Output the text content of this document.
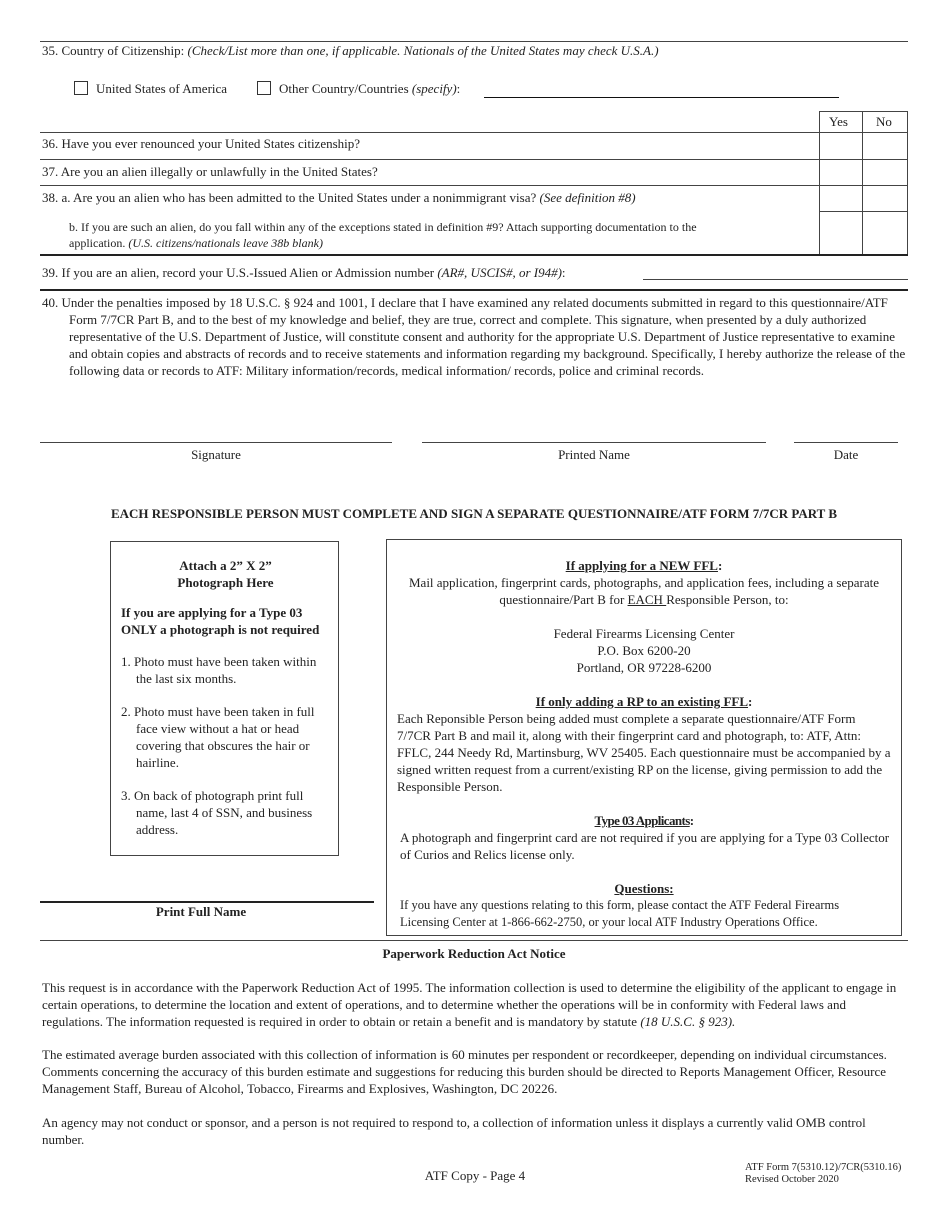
35. Country of Citizenship: (Check/List more than one, if applicable. Nationals of the United States may check U.S.A.)
United States of America	Other Country/Countries (specify):
Yes No
36. Have you ever renounced your United States citizenship?
37. Are you an alien illegally or unlawfully in the United States?
38. a. Are you an alien who has been admitted to the United States under a nonimmigrant visa? (See definition #8)
b. If you are such an alien, do you fall within any of the exceptions stated in definition #9? Attach supporting documentation to the application. (U.S. citizens/nationals leave 38b blank)
39. If you are an alien, record your U.S.-Issued Alien or Admission number (AR#, USCIS#, or I94#):
40. Under the penalties imposed by 18 U.S.C. § 924 and 1001, I declare that I have examined any related documents submitted in regard to this questionnaire/ATF Form 7/7CR Part B, and to the best of my knowledge and belief, they are true, correct and complete. This signature, when presented by a duly authorized representative of the U.S. Department of Justice, will constitute consent and authority for the appropriate U.S. Department of Justice representative to examine and obtain copies and abstracts of records and to receive statements and information regarding my background. Specifically, I hereby authorize the release of the following data or records to ATF: Military information/records, medical information/ records, police and criminal records.
Signature	Printed Name	Date
EACH RESPONSIBLE PERSON MUST COMPLETE AND SIGN A SEPARATE QUESTIONNAIRE/ATF FORM 7/7CR PART B
Attach a 2” X 2”
Photograph Here

If you are applying for a Type 03 ONLY a photograph is not required

1. Photo must have been taken within the last six months.

2. Photo must have been taken in full face view without a hat or head covering that obscures the hair or hairline.

3. On back of photograph print full name, last 4 of SSN, and business address.

Print Full Name
If applying for a NEW FFL:

Mail application, fingerprint cards, photographs, and application fees, including a separate questionnaire/Part B for EACH Responsible Person, to:

Federal Firearms Licensing Center

P.O. Box 6200-20

Portland, OR 97228-6200

If only adding a RP to an existing FFL:

Each Reponsible Person being added must complete a separate questionnaire/ATF Form 7/7CR Part B and mail it, along with their fingerprint card and photograph, to: ATF, Attn: FFLC, 244 Needy Rd, Martinsburg, WV 25405. Each questionnaire must be accompanied by a signed written request from a current/existing RP on the license, giving permission to add the Responsible Person.

Type 03 Applicants:

A photograph and fingerprint card are not required if you are applying for a Type 03 Collector of Curios and Relics license only.

Questions:

If you have any questions relating to this form, please contact the ATF Federal Firearms Licensing Center at 1-866-662-2750, or your local ATF Industry Operations Office.

Paperwork Reduction Act Notice
This request is in accordance with the Paperwork Reduction Act of 1995. The information collection is used to determine the eligibility of the applicant to engage in certain operations, to determine the location and extent of operations, and to determine whether the operations will be in conformity with Federal laws and regulations. The information requested is required in order to obtain or retain a benefit and is mandatory by statute (18 U.S.C. § 923).
The estimated average burden associated with this collection of information is 60 minutes per respondent or recordkeeper, depending on individual circumstances. Comments concerning the accuracy of this burden estimate and suggestions for reducing this burden should be directed to Reports Management Officer, Resource Management Staff, Bureau of Alcohol, Tobacco, Firearms and Explosives, Washington, DC 20226.
An agency may not conduct or sponsor, and a person is not required to respond to, a collection of information unless it displays a currently valid OMB control number.
ATF Copy - Page 4
ATF Form 7(5310.12)/7CR(5310.16)
Revised October 2020
